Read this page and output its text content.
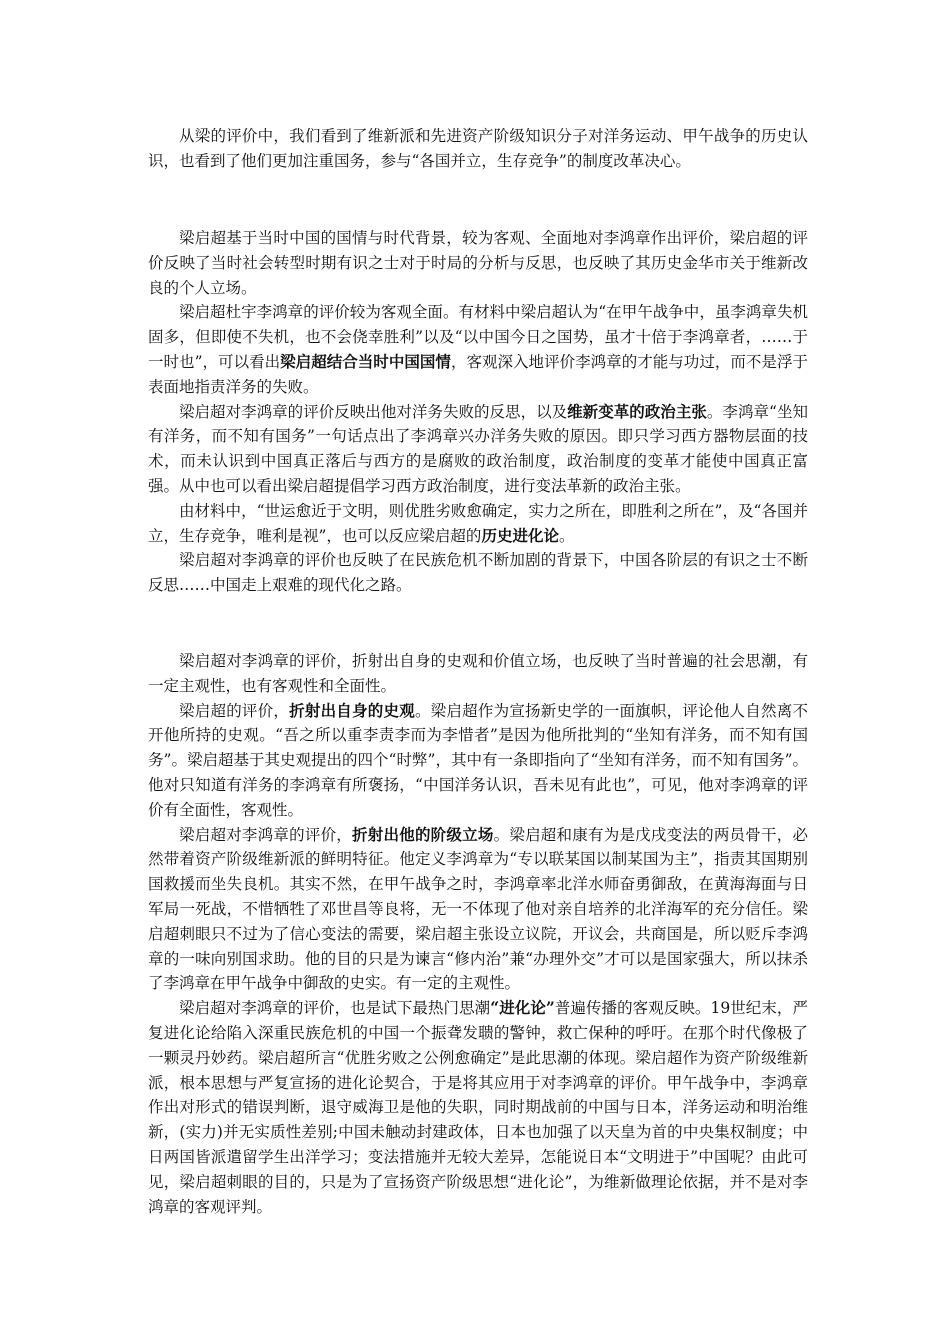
从梁的评价中，我们看到了维新派和先进资产阶级知识分子对洋务运动、甲午战争的历史认识，也看到了他们更加注重国务，参与“各国并立，生存竞争”的制度改革决心。

梁启超基于当时中国的国情与时代背景，较为客观、全面地对李鸿章作出评价，梁启超的评价反映了当时社会转型时期有识之士对于时局的分析与反思，也反映了其历史金华市关于维新改良的个人立场。

梁启超杜宇李鸿章的评价较为客观全面。有材料中梁启超认为“在甲午战争中，虽李鸿章失机固多，但即使不失机，也不会侥幸胜利”以及“以中国今日之国势，虽才十倍于李鸿章者，……于一时也”，可以看出梁启超结合当时中国国情，客观深入地评价李鸿章的才能与功过，而不是浮于表面地指责洋务的失败。

梁启超对李鸿章的评价反映出他对洋务失败的反思，以及维新变革的政治主张。李鸿章“坐知有洋务，而不知有国务”一句话点出了李鸿章兴办洋务失败的原因。即只学习西方器物层面的技术，而未认识到中国真正落后与西方的是腐败的政治制度，政治制度的变革才能使中国真正富强。从中也可以看出梁启超提倡学习西方政治制度，进行变法革新的政治主张。

由材料中，“世运愈近于文明，则优胜劣败愈确定，实力之所在，即胜利之所在”，及“各国并立，生存竞争，唯利是视”，也可以反应梁启超的历史进化论。

梁启超对李鸿章的评价也反映了在民族危机不断加剧的背景下，中国各阶层的有识之士不断反思……中国走上艰难的现代化之路。

梁启超对李鸿章的评价，折射出自身的史观和价值立场，也反映了当时普遍的社会思潮，有一定主观性，也有客观性和全面性。

梁启超的评价，折射出自身的史观。梁启超作为宣扬新史学的一面旗帜，评论他人自然离不开他所持的史观。“吾之所以重李责李而为李惜者”是因为他所批判的“坐知有洋务，而不知有国务”。梁启超基于其史观提出的四个“时弊”，其中有一条即指向了“坐知有洋务，而不知有国务”。他对只知道有洋务的李鸿章有所褒扬，“中国洋务认识，吾未见有此也”，可见，他对李鸿章的评价有全面性，客观性。

梁启超对李鸿章的评价，折射出他的阶级立场。梁启超和康有为是戊戌变法的两员骨干，必然带着资产阶级维新派的鲜明特征。他定义李鸿章为“专以联某国以制某国为主”，指责其国期别国救援而坐失良机。其实不然，在甲午战争之时，李鸿章率北洋水师奋勇御敌，在黄海海面与日军局一死战，不惜牺牲了邓世昌等良将，无一不体现了他对亲自培养的北洋海军的充分信任。梁启超刺眼只不过为了信心变法的需要，梁启超主张设立议院，开议会，共商国是，所以贬斥李鸿章的一味向别国求助。他的目的只是为谏言“修内治”兼“办理外交”才可以是国家强大，所以抹杀了李鸿章在甲午战争中御敌的史实。有一定的主观性。

梁启超对李鸿章的评价，也是试下最热门思潮“进化论”普遍传播的客观反映。19世纪末，严复进化论给陷入深重民族危机的中国一个振聋发聩的警钟，救亡保种的呼吁。在那个时代像极了一颗灵丹妙药。梁启超所言“优胜劣败之公例愈确定”是此思潮的体现。梁启超作为资产阶级维新派，根本思想与严复宣扬的进化论契合，于是将其应用于对李鸿章的评价。甲午战争中，李鸿章作出对形式的错误判断，退守威海卫是他的失职，同时期战前的中国与日本，洋务运动和明治维新，(实力)并无实质性差别;中国未触动封建政体，日本也加强了以天皇为首的中央集权制度；中日两国皆派遣留学生出洋学习；变法措施并无较大差异，怎能说日本“文明进于”中国呢？由此可见，梁启超刺眼的目的，只是为了宣扬资产阶级思想“进化论”，为维新做理论依据，并不是对李鸿章的客观评判。
